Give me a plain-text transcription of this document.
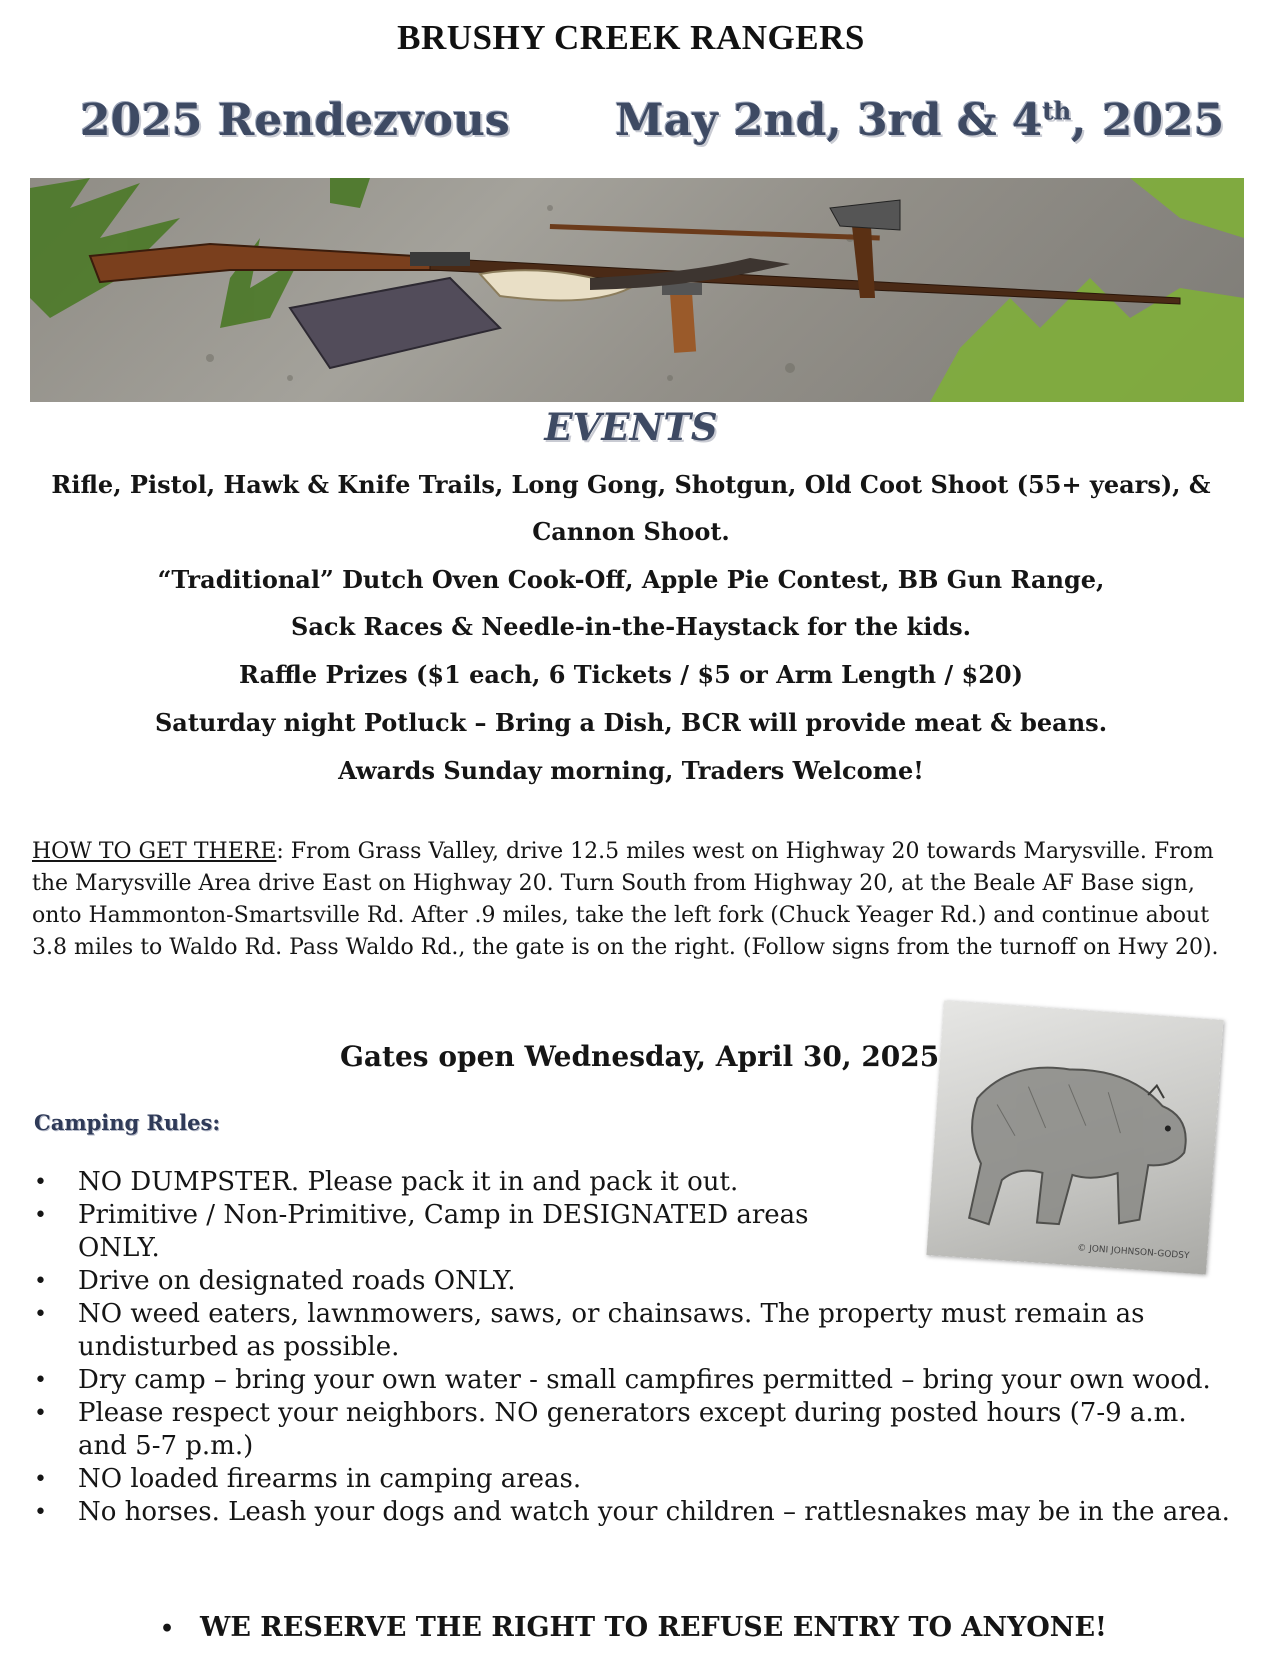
BRUSHY CREEK RANGERS
2025 Rendezvous May 2nd, 3rd & 4th, 2025
EVENTS
Rifle, Pistol, Hawk & Knife Trails, Long Gong, Shotgun, Old Coot Shoot (55+ years), &
Cannon Shoot.
“Traditional” Dutch Oven Cook-Off, Apple Pie Contest, BB Gun Range,
Sack Races & Needle-in-the-Haystack for the kids.
Raffle Prizes ($1 each, 6 Tickets / $5 or Arm Length / $20)
Saturday night Potluck – Bring a Dish, BCR will provide meat & beans.
Awards Sunday morning, Traders Welcome!
HOW TO GET THERE: From Grass Valley, drive 12.5 miles west on Highway 20 towards Marysville. From the Marysville Area drive East on Highway 20. Turn South from Highway 20, at the Beale AF Base sign, onto Hammonton-Smartsville Rd. After .9 miles, take the left fork (Chuck Yeager Rd.) and continue about 3.8 miles to Waldo Rd. Pass Waldo Rd., the gate is on the right. (Follow signs from the turnoff on Hwy 20).
Gates open Wednesday, April 30, 2025
Camping Rules:
© JONI JOHNSON-GODSY
• NO DUMPSTER. Please pack it in and pack it out.
• Primitive / Non-Primitive, Camp in DESIGNATED areas ONLY.
• Drive on designated roads ONLY.
• NO weed eaters, lawnmowers, saws, or chainsaws. The property must remain as undisturbed as possible.
• Dry camp – bring your own water - small campfires permitted – bring your own wood.
• Please respect your neighbors. NO generators except during posted hours (7-9 a.m. and 5-7 p.m.)
• NO loaded firearms in camping areas.
• No horses. Leash your dogs and watch your children – rattlesnakes may be in the area.
• WE RESERVE THE RIGHT TO REFUSE ENTRY TO ANYONE!
